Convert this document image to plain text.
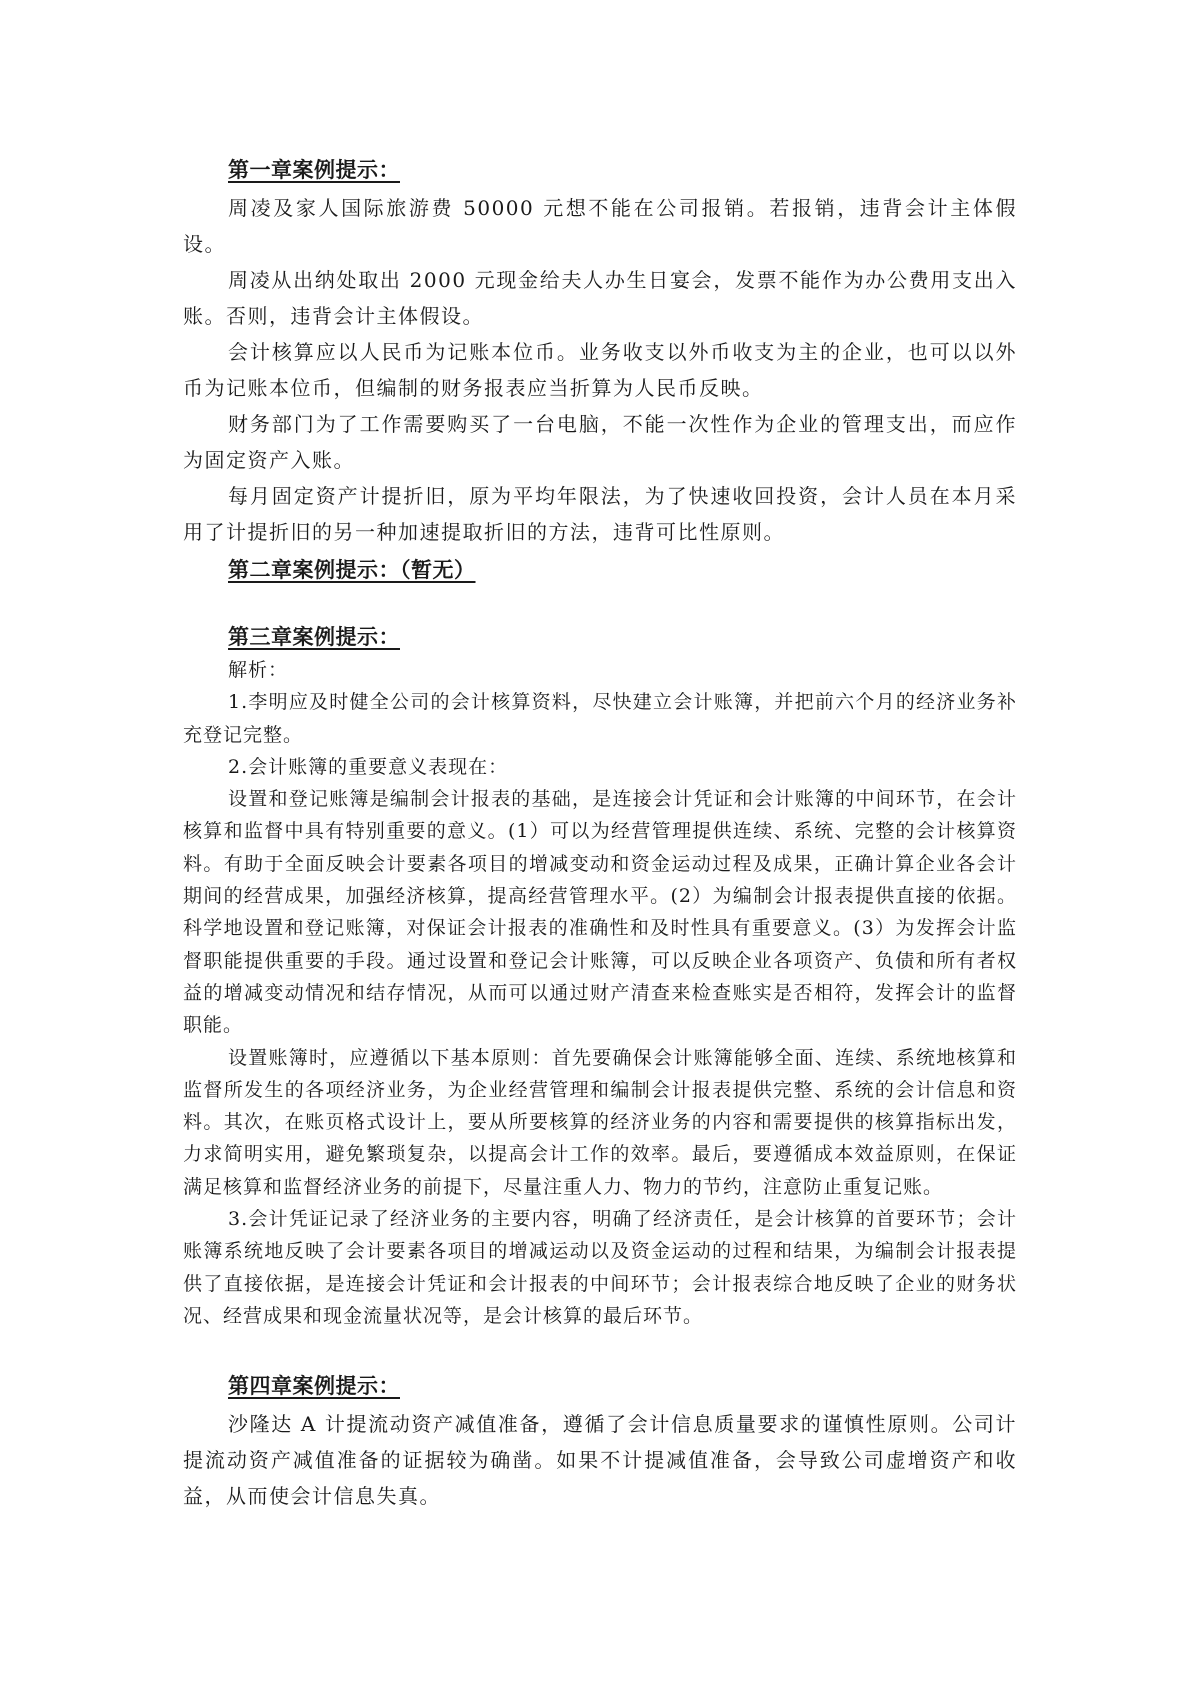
第一章案例提示：

周凌及家人国际旅游费 50000 元想不能在公司报销。若报销，违背会计主体假设。

周凌从出纳处取出 2000 元现金给夫人办生日宴会，发票不能作为办公费用支出入账。否则，违背会计主体假设。

会计核算应以人民币为记账本位币。业务收支以外币收支为主的企业，也可以以外币为记账本位币，但编制的财务报表应当折算为人民币反映。

财务部门为了工作需要购买了一台电脑，不能一次性作为企业的管理支出，而应作为固定资产入账。

每月固定资产计提折旧，原为平均年限法，为了快速收回投资，会计人员在本月采用了计提折旧的另一种加速提取折旧的方法，违背可比性原则。

第二章案例提示：（暂无）
第三章案例提示：

解析：

1.李明应及时健全公司的会计核算资料，尽快建立会计账簿，并把前六个月的经济业务补充登记完整。

2.会计账簿的重要意义表现在：

设置和登记账簿是编制会计报表的基础，是连接会计凭证和会计账簿的中间环节，在会计核算和监督中具有特别重要的意义。(1）可以为经营管理提供连续、系统、完整的会计核算资料。有助于全面反映会计要素各项目的增减变动和资金运动过程及成果，正确计算企业各会计期间的经营成果，加强经济核算，提高经营管理水平。(2）为编制会计报表提供直接的依据。科学地设置和登记账簿，对保证会计报表的准确性和及时性具有重要意义。(3）为发挥会计监督职能提供重要的手段。通过设置和登记会计账簿，可以反映企业各项资产、负债和所有者权益的增减变动情况和结存情况，从而可以通过财产清查来检查账实是否相符，发挥会计的监督职能。

设置账簿时，应遵循以下基本原则：首先要确保会计账簿能够全面、连续、系统地核算和监督所发生的各项经济业务，为企业经营管理和编制会计报表提供完整、系统的会计信息和资料。其次，在账页格式设计上，要从所要核算的经济业务的内容和需要提供的核算指标出发，力求简明实用，避免繁琐复杂，以提高会计工作的效率。最后，要遵循成本效益原则，在保证满足核算和监督经济业务的前提下，尽量注重人力、物力的节约，注意防止重复记账。

3.会计凭证记录了经济业务的主要内容，明确了经济责任，是会计核算的首要环节；会计账簿系统地反映了会计要素各项目的增减运动以及资金运动的过程和结果，为编制会计报表提供了直接依据，是连接会计凭证和会计报表的中间环节；会计报表综合地反映了企业的财务状况、经营成果和现金流量状况等，是会计核算的最后环节。

第四章案例提示：

沙隆达 A 计提流动资产减值准备，遵循了会计信息质量要求的谨慎性原则。公司计提流动资产减值准备的证据较为确凿。如果不计提减值准备，会导致公司虚增资产和收益，从而使会计信息失真。
